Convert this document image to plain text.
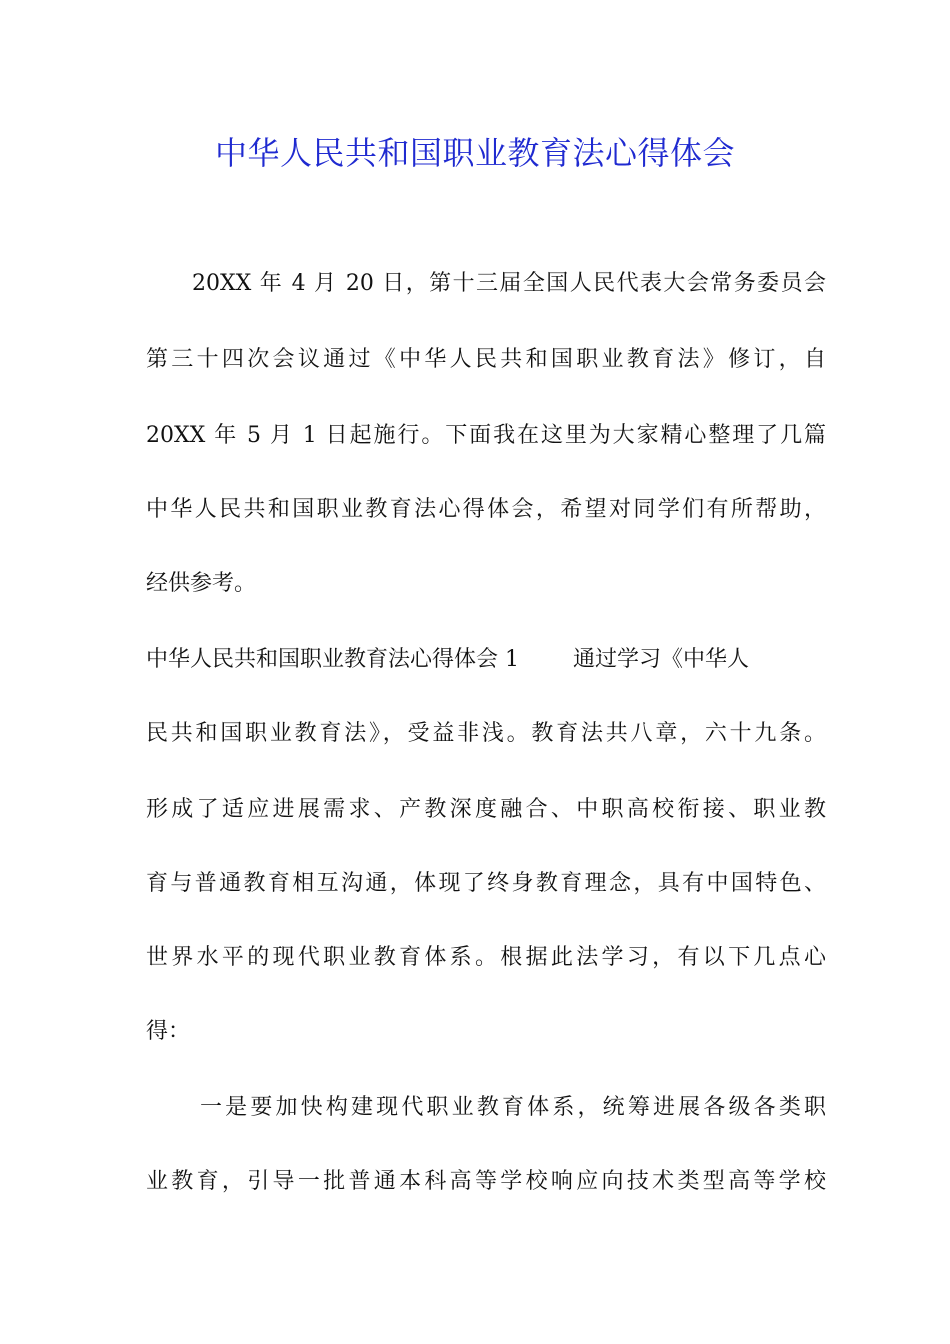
中华人民共和国职业教育法心得体会
20XX 年 4 月 20 日，第十三届全国人民代表大会常务委员会
第三十四次会议通过《中华人民共和国职业教育法》修订，自
20XX 年 5 月 1 日起施行。下面我在这里为大家精心整理了几篇
中华人民共和国职业教育法心得体会，希望对同学们有所帮助，
经供参考。
中华人民共和国职业教育法心得体会 1 通过学习《中华人
民共和国职业教育法》，受益非浅。教育法共八章，六十九条。
形成了适应进展需求、产教深度融合、中职高校衔接、职业教
育与普通教育相互沟通，体现了终身教育理念，具有中国特色、
世界水平的现代职业教育体系。根据此法学习，有以下几点心
得：
一是要加快构建现代职业教育体系，统筹进展各级各类职
业教育，引导一批普通本科高等学校响应向技术类型高等学校
